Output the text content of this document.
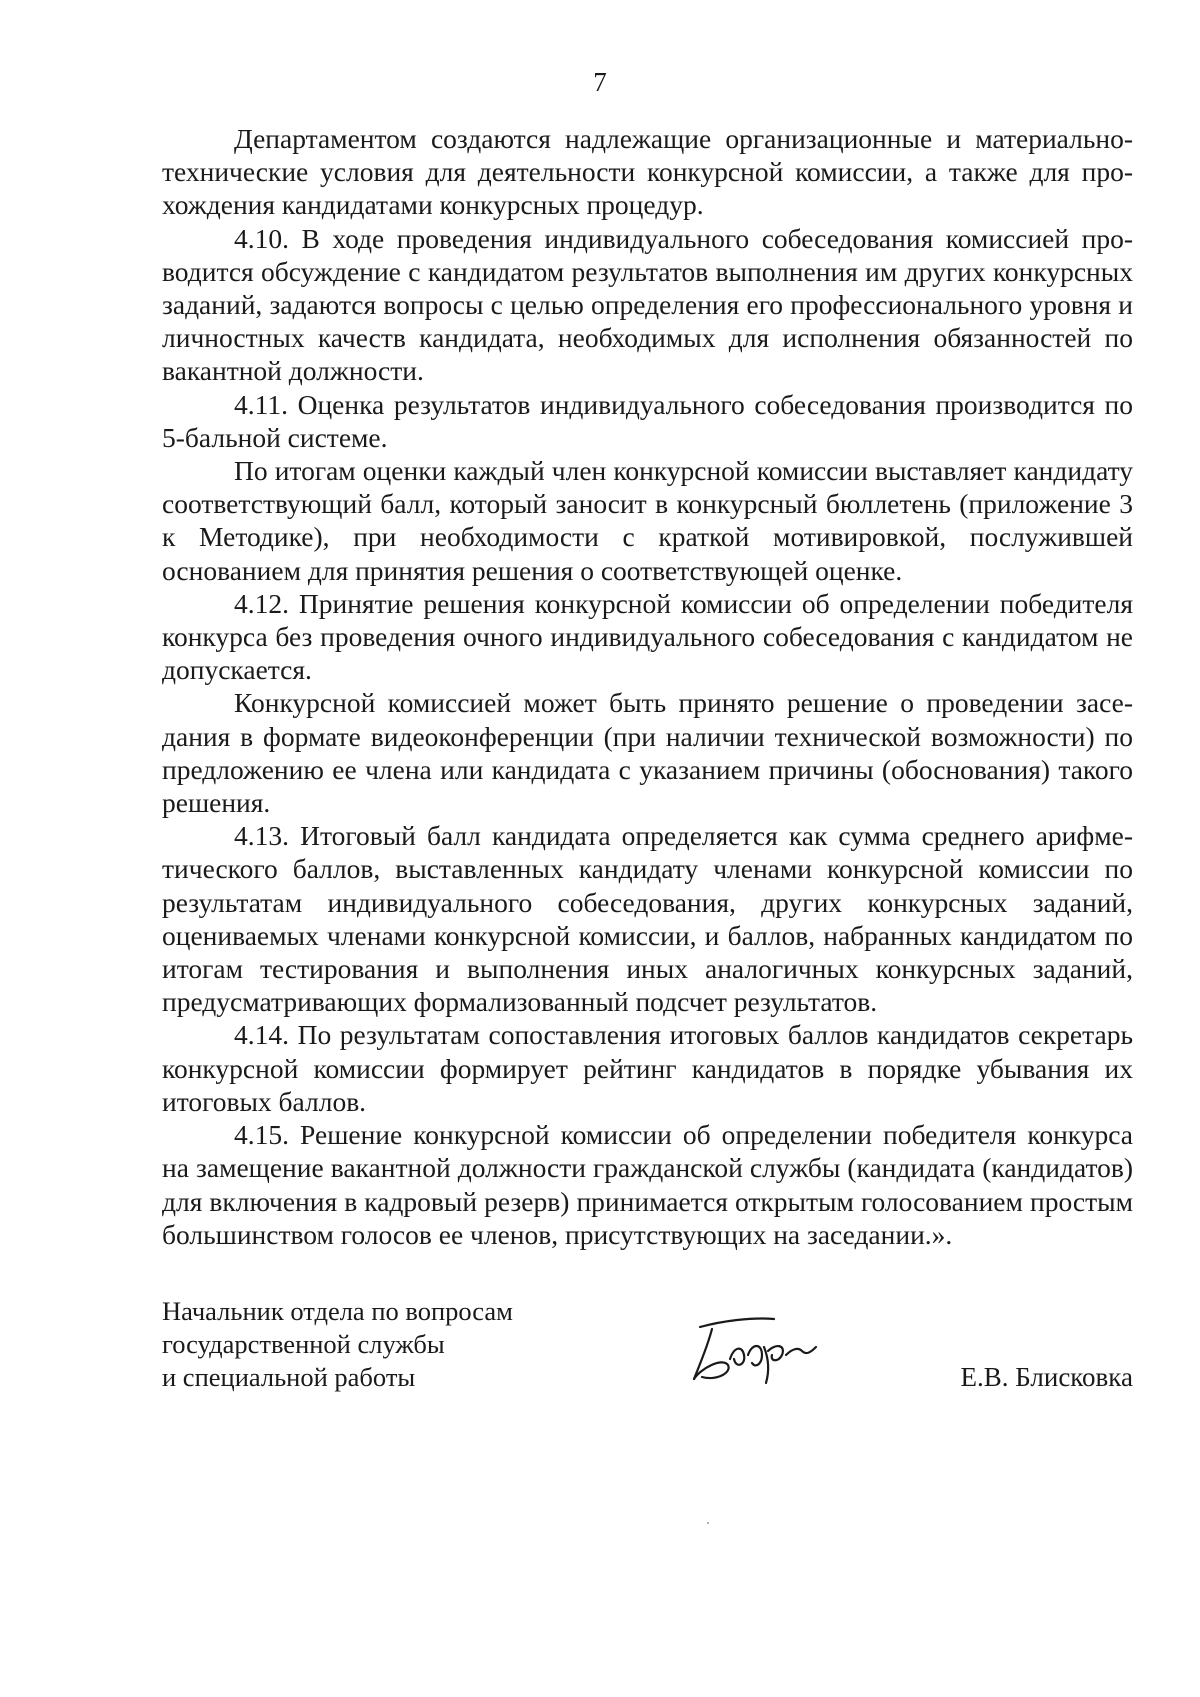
7

Департаментом создаются надлежащие организационные и материально-технические условия для деятельности конкурсной комиссии, а также для прохождения кандидатами конкурсных процедур.

4.10. В ходе проведения индивидуального собеседования комиссией проводится обсуждение с кандидатом результатов выполнения им других конкурсных заданий, задаются вопросы с целью определения его профессионального уровня и личностных качеств кандидата, необходимых для исполнения обязанностей по вакантной должности.

4.11. Оценка результатов индивидуального собеседования производится по 5-бальной системе.

По итогам оценки каждый член конкурсной комиссии выставляет кандидату соответствующий балл, который заносит в конкурсный бюллетень (приложение 3 к Методике), при необходимости с краткой мотивировкой, послужившей основанием для принятия решения о соответствующей оценке.

4.12. Принятие решения конкурсной комиссии об определении победителя конкурса без проведения очного индивидуального собеседования с кандидатом не допускается.

Конкурсной комиссией может быть принято решение о проведении заседания в формате видеоконференции (при наличии технической возможности) по предложению ее члена или кандидата с указанием причины (обоснования) такого решения.

4.13. Итоговый балл кандидата определяется как сумма среднего арифметического баллов, выставленных кандидату членами конкурсной комиссии по результатам индивидуального собеседования, других конкурсных заданий, оцениваемых членами конкурсной комиссии, и баллов, набранных кандидатом по итогам тестирования и выполнения иных аналогичных конкурсных заданий, предусматривающих формализованный подсчет результатов.

4.14. По результатам сопоставления итоговых баллов кандидатов секретарь конкурсной комиссии формирует рейтинг кандидатов в порядке убывания их итоговых баллов.

4.15. Решение конкурсной комиссии об определении победителя конкурса на замещение вакантной должности гражданской службы (кандидата (кандидатов) для включения в кадровый резерв) принимается открытым голосованием простым большинством голосов ее членов, присутствующих на заседании.».

Начальник отдела по вопросам
государственной службы
и специальной работы	Е.В. Блисковка
